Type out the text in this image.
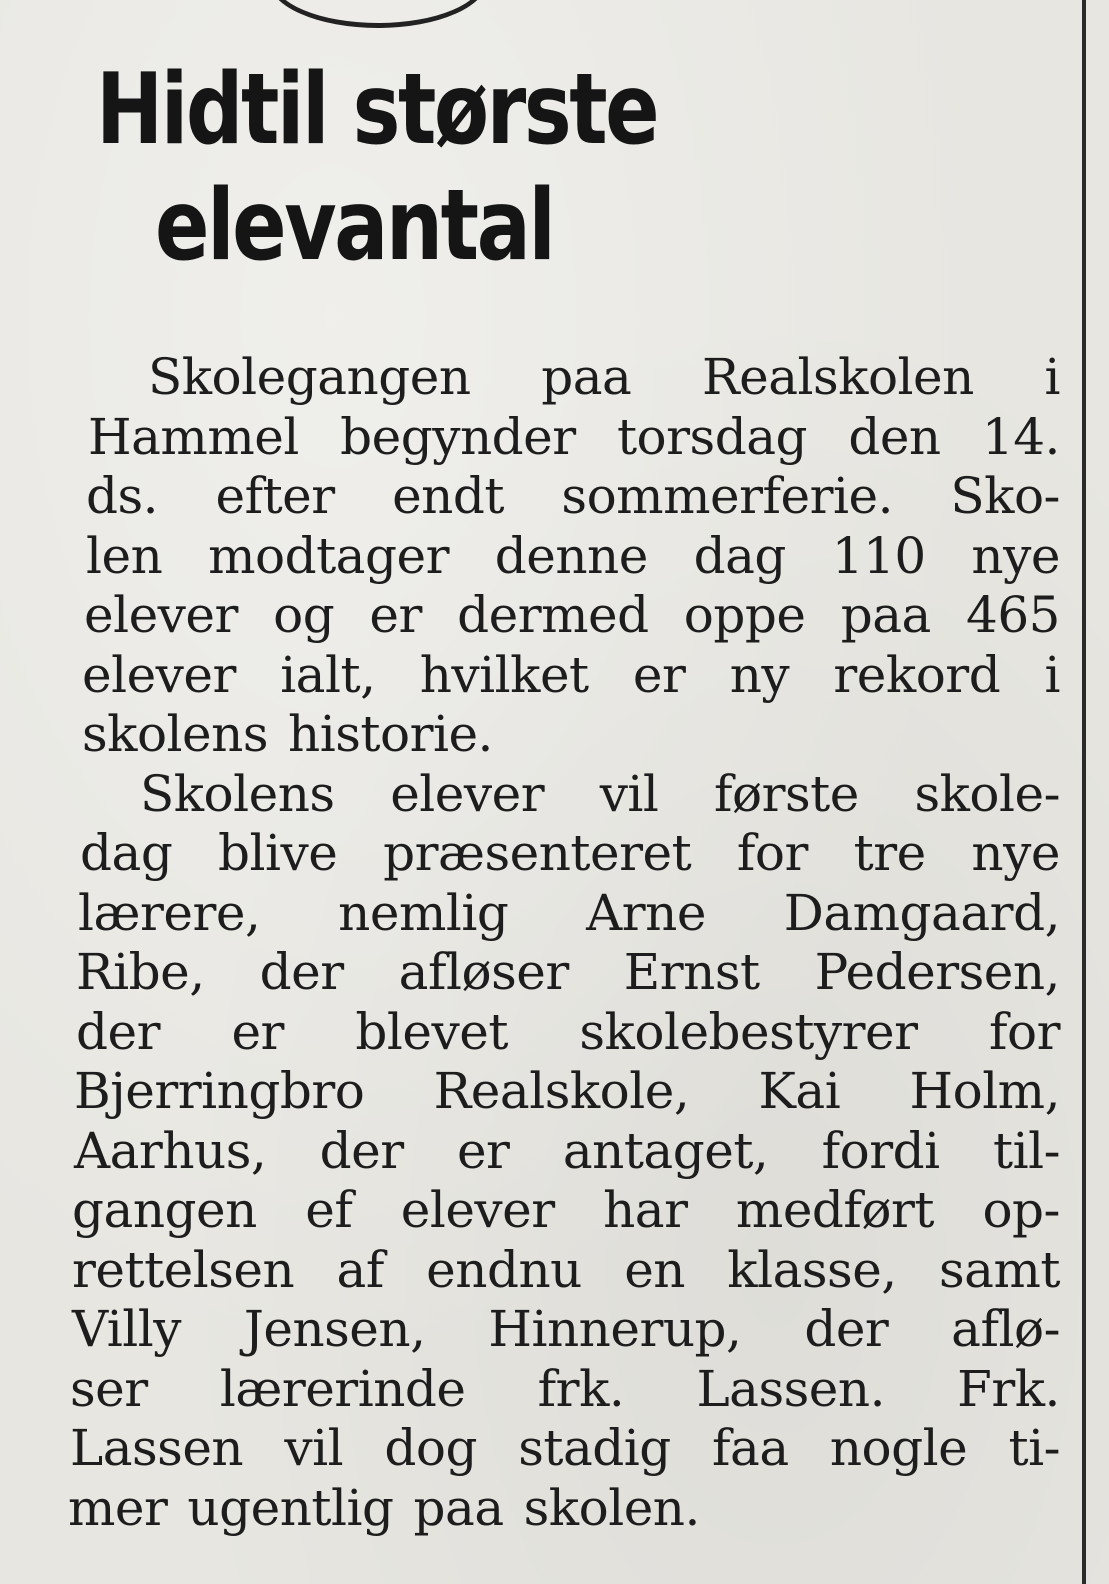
Hidtil største
elevantal
Skolegangen paa Realskolen i
Hammel begynder torsdag den 14.
ds. efter endt sommerferie. Sko-
len modtager denne dag 110 nye
elever og er dermed oppe paa 465
elever ialt, hvilket er ny rekord i
skolens historie.
Skolens elever vil første skole-
dag blive præsenteret for tre nye
lærere, nemlig Arne Damgaard,
Ribe, der afløser Ernst Pedersen,
der er blevet skolebestyrer for
Bjerringbro Realskole, Kai Holm,
Aarhus, der er antaget, fordi til-
gangen ef elever har medført op-
rettelsen af endnu en klasse, samt
Villy Jensen, Hinnerup, der aflø-
ser lærerinde frk. Lassen. Frk.
Lassen vil dog stadig faa nogle ti-
mer ugentlig paa skolen.
